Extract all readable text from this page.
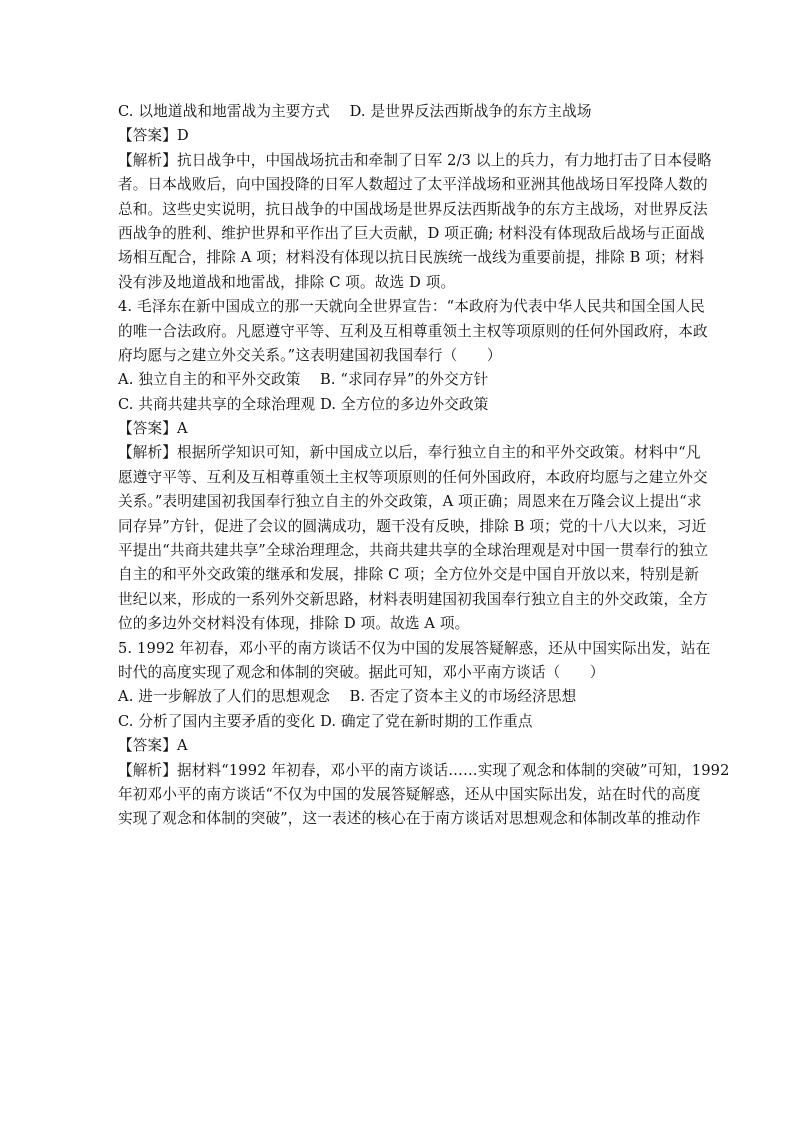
C. 以地道战和地雷战为主要方式　 D. 是世界反法西斯战争的东方主战场
【答案】D
【解析】抗日战争中，中国战场抗击和牵制了日军 2/3 以上的兵力，有力地打击了日本侵略
者。日本战败后，向中国投降的日军人数超过了太平洋战场和亚洲其他战场日军投降人数的
总和。这些史实说明，抗日战争的中国战场是世界反法西斯战争的东方主战场，对世界反法
西战争的胜利、维护世界和平作出了巨大贡献，D 项正确; 材料没有体现敌后战场与正面战
场相互配合，排除 A 项；材料没有体现以抗日民族统一战线为重要前提，排除 B 项；材料
没有涉及地道战和地雷战，排除 C 项。故选 D 项。
4. 毛泽东在新中国成立的那一天就向全世界宣告：“本政府为代表中华人民共和国全国人民
的唯一合法政府。凡愿遵守平等、互利及互相尊重领土主权等项原则的任何外国政府，本政
府均愿与之建立外交关系。”这表明建国初我国奉行（　　）
A. 独立自主的和平外交政策　 B. “求同存异”的外交方针
C. 共商共建共享的全球治理观 D. 全方位的多边外交政策
【答案】A
【解析】根据所学知识可知，新中国成立以后，奉行独立自主的和平外交政策。材料中“凡
愿遵守平等、互利及互相尊重领土主权等项原则的任何外国政府，本政府均愿与之建立外交
关系。”表明建国初我国奉行独立自主的外交政策，A 项正确；周恩来在万隆会议上提出“求
同存异”方针，促进了会议的圆满成功，题干没有反映，排除 B 项；党的十八大以来，习近
平提出“共商共建共享”全球治理理念，共商共建共享的全球治理观是对中国一贯奉行的独立
自主的和平外交政策的继承和发展，排除 C 项；全方位外交是中国自开放以来，特别是新
世纪以来，形成的一系列外交新思路，材料表明建国初我国奉行独立自主的外交政策，全方
位的多边外交材料没有体现，排除 D 项。故选 A 项。
5. 1992 年初春，邓小平的南方谈话不仅为中国的发展答疑解惑，还从中国实际出发，站在
时代的高度实现了观念和体制的突破。据此可知，邓小平南方谈话（　　）
A. 进一步解放了人们的思想观念　 B. 否定了资本主义的市场经济思想
C. 分析了国内主要矛盾的变化 D. 确定了党在新时期的工作重点
【答案】A
【解析】据材料“1992 年初春，邓小平的南方谈话……实现了观念和体制的突破”可知，1992
年初邓小平的南方谈话“不仅为中国的发展答疑解惑，还从中国实际出发，站在时代的高度
实现了观念和体制的突破”，这一表述的核心在于南方谈话对思想观念和体制改革的推动作
